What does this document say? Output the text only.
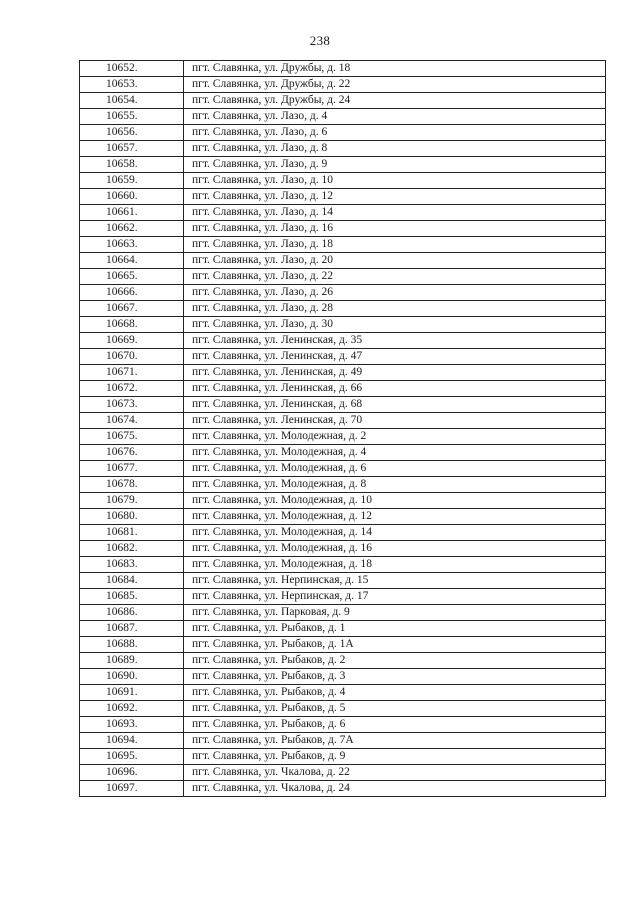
238
10652.	пгт. Славянка, ул. Дружбы, д. 18
10653.	пгт. Славянка, ул. Дружбы, д. 22
10654.	пгт. Славянка, ул. Дружбы, д. 24
10655.	пгт. Славянка, ул. Лазо, д. 4
10656.	пгт. Славянка, ул. Лазо, д. 6
10657.	пгт. Славянка, ул. Лазо, д. 8
10658.	пгт. Славянка, ул. Лазо, д. 9
10659.	пгт. Славянка, ул. Лазо, д. 10
10660.	пгт. Славянка, ул. Лазо, д. 12
10661.	пгт. Славянка, ул. Лазо, д. 14
10662.	пгт. Славянка, ул. Лазо, д. 16
10663.	пгт. Славянка, ул. Лазо, д. 18
10664.	пгт. Славянка, ул. Лазо, д. 20
10665.	пгт. Славянка, ул. Лазо, д. 22
10666.	пгт. Славянка, ул. Лазо, д. 26
10667.	пгт. Славянка, ул. Лазо, д. 28
10668.	пгт. Славянка, ул. Лазо, д. 30
10669.	пгт. Славянка, ул. Ленинская, д. 35
10670.	пгт. Славянка, ул. Ленинская, д. 47
10671.	пгт. Славянка, ул. Ленинская, д. 49
10672.	пгт. Славянка, ул. Ленинская, д. 66
10673.	пгт. Славянка, ул. Ленинская, д. 68
10674.	пгт. Славянка, ул. Ленинская, д. 70
10675.	пгт. Славянка, ул. Молодежная, д. 2
10676.	пгт. Славянка, ул. Молодежная, д. 4
10677.	пгт. Славянка, ул. Молодежная, д. 6
10678.	пгт. Славянка, ул. Молодежная, д. 8
10679.	пгт. Славянка, ул. Молодежная, д. 10
10680.	пгт. Славянка, ул. Молодежная, д. 12
10681.	пгт. Славянка, ул. Молодежная, д. 14
10682.	пгт. Славянка, ул. Молодежная, д. 16
10683.	пгт. Славянка, ул. Молодежная, д. 18
10684.	пгт. Славянка, ул. Нерпинская, д. 15
10685.	пгт. Славянка, ул. Нерпинская, д. 17
10686.	пгт. Славянка, ул. Парковая, д. 9
10687.	пгт. Славянка, ул. Рыбаков, д. 1
10688.	пгт. Славянка, ул. Рыбаков, д. 1А
10689.	пгт. Славянка, ул. Рыбаков, д. 2
10690.	пгт. Славянка, ул. Рыбаков, д. 3
10691.	пгт. Славянка, ул. Рыбаков, д. 4
10692.	пгт. Славянка, ул. Рыбаков, д. 5
10693.	пгт. Славянка, ул. Рыбаков, д. 6
10694.	пгт. Славянка, ул. Рыбаков, д. 7А
10695.	пгт. Славянка, ул. Рыбаков, д. 9
10696.	пгт. Славянка, ул. Чкалова, д. 22
10697.	пгт. Славянка, ул. Чкалова, д. 24
